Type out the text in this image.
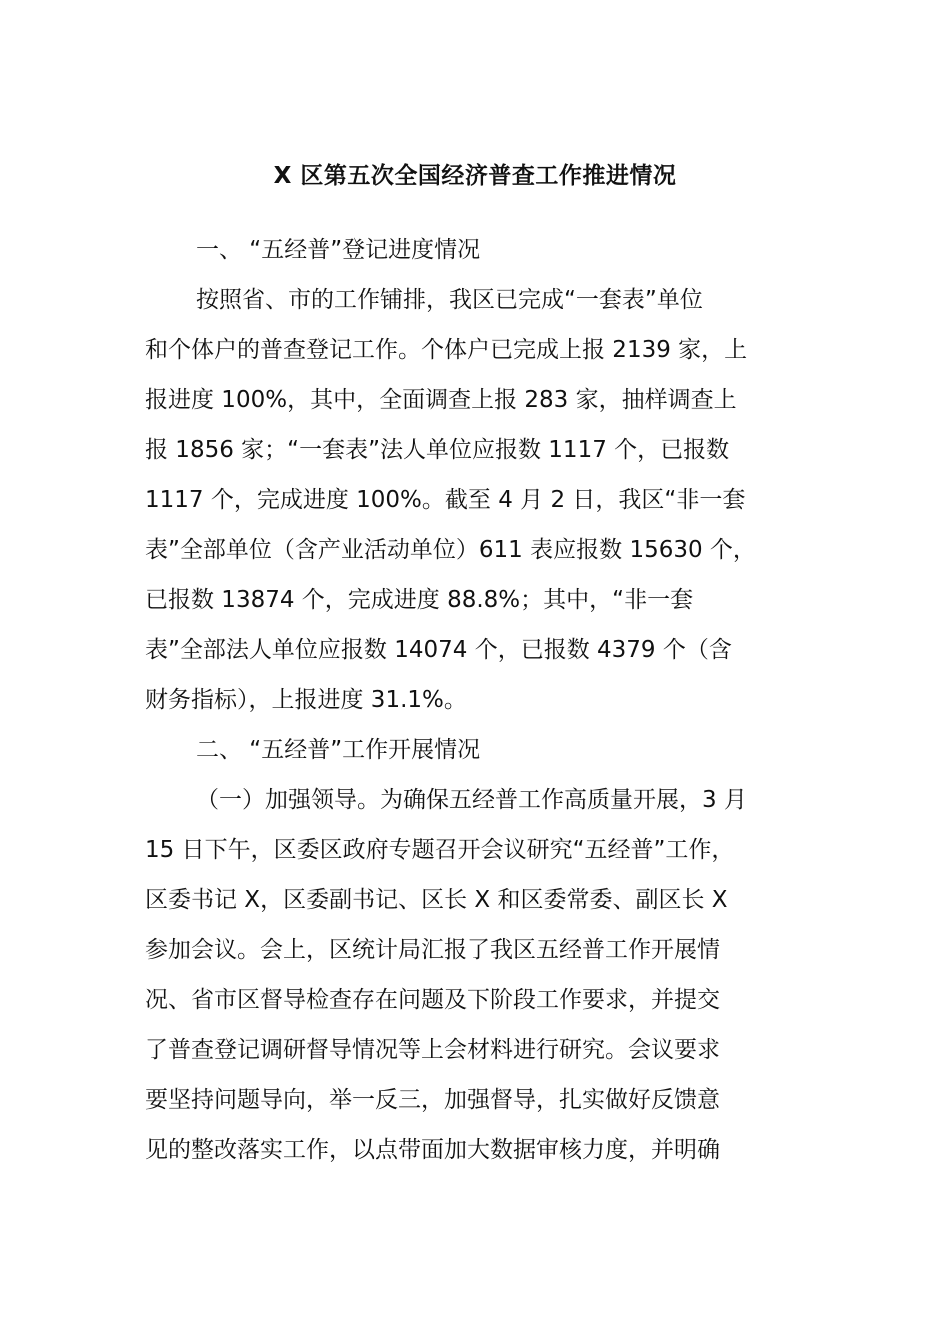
X 区第五次全国经济普查工作推进情况
一、 “五经普”登记进度情况
按照省、市的工作铺排，我区已完成“一套表”单位
和个体户的普查登记工作。个体户已完成上报 2139 家，上
报进度 100%，其中，全面调查上报 283 家，抽样调查上
报 1856 家；“一套表”法人单位应报数 1117 个，已报数
1117 个，完成进度 100%。截至 4 月 2 日，我区“非一套
表”全部单位（含产业活动单位）611 表应报数 15630 个，
已报数 13874 个，完成进度 88.8%；其中，“非一套
表”全部法人单位应报数 14074 个，已报数 4379 个（含
财务指标），上报进度 31.1%。
二、 “五经普”工作开展情况
（一）加强领导。为确保五经普工作高质量开展，3 月
15 日下午，区委区政府专题召开会议研究“五经普”工作，
区委书记 X，区委副书记、区长 X 和区委常委、副区长 X
参加会议。会上，区统计局汇报了我区五经普工作开展情
况、省市区督导检查存在问题及下阶段工作要求，并提交
了普查登记调研督导情况等上会材料进行研究。会议要求
要坚持问题导向，举一反三，加强督导，扎实做好反馈意
见的整改落实工作，以点带面加大数据审核力度，并明确
